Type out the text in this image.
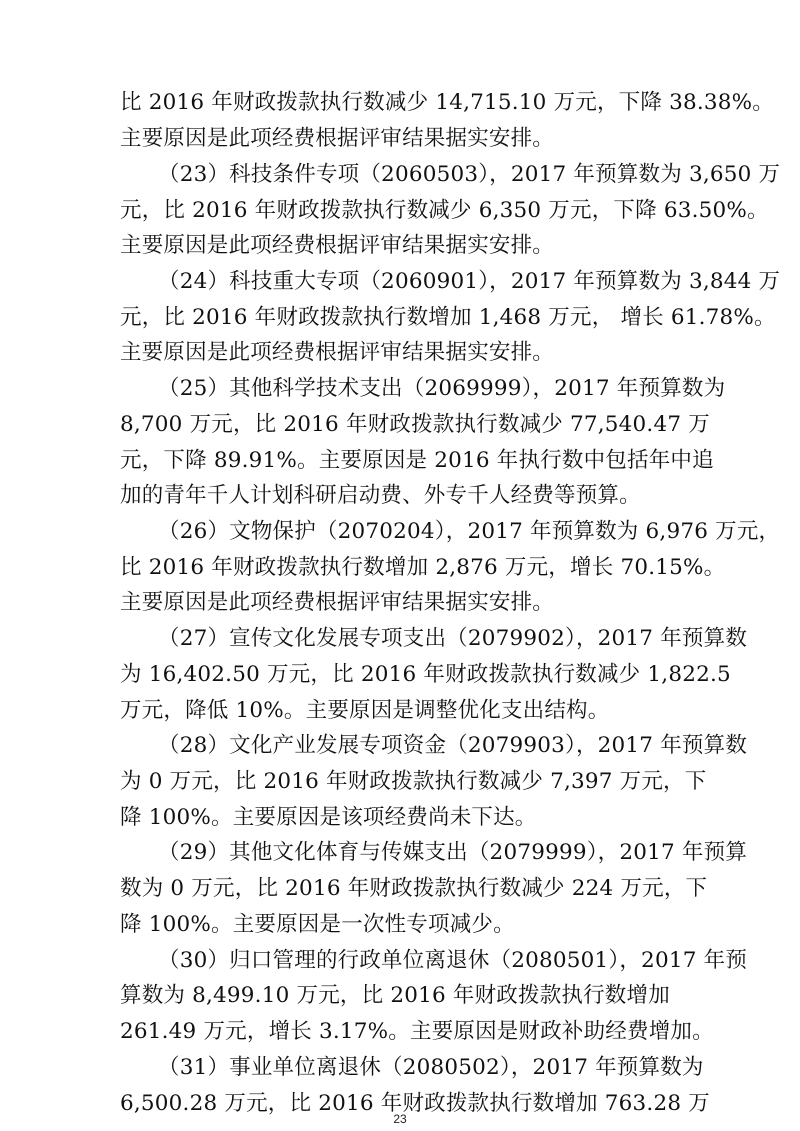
比 2016 年财政拨款执行数减少 14,715.10 万元，下降 38.38%。
主要原因是此项经费根据评审结果据实安排。
（23）科技条件专项（2060503），2017 年预算数为 3,650 万
元，比 2016 年财政拨款执行数减少 6,350 万元，下降 63.50%。
主要原因是此项经费根据评审结果据实安排。
（24）科技重大专项（2060901），2017 年预算数为 3,844 万
元，比 2016 年财政拨款执行数增加 1,468 万元， 增长 61.78%。
主要原因是此项经费根据评审结果据实安排。
（25）其他科学技术支出（2069999），2017 年预算数为
8,700 万元，比 2016 年财政拨款执行数减少 77,540.47 万
元，下降 89.91%。主要原因是 2016 年执行数中包括年中追
加的青年千人计划科研启动费、外专千人经费等预算。
（26）文物保护（2070204），2017 年预算数为 6,976 万元，
比 2016 年财政拨款执行数增加 2,876 万元，增长 70.15%。
主要原因是此项经费根据评审结果据实安排。
（27）宣传文化发展专项支出（2079902），2017 年预算数
为 16,402.50 万元，比 2016 年财政拨款执行数减少 1,822.5
万元，降低 10%。主要原因是调整优化支出结构。
（28）文化产业发展专项资金（2079903），2017 年预算数
为 0 万元，比 2016 年财政拨款执行数减少 7,397 万元，下
降 100%。主要原因是该项经费尚未下达。
（29）其他文化体育与传媒支出（2079999），2017 年预算
数为 0 万元，比 2016 年财政拨款执行数减少 224 万元，下
降 100%。主要原因是一次性专项减少。
（30）归口管理的行政单位离退休（2080501），2017 年预
算数为 8,499.10 万元，比 2016 年财政拨款执行数增加
261.49 万元，增长 3.17%。主要原因是财政补助经费增加。
（31）事业单位离退休（2080502），2017 年预算数为
6,500.28 万元，比 2016 年财政拨款执行数增加 763.28 万
23
